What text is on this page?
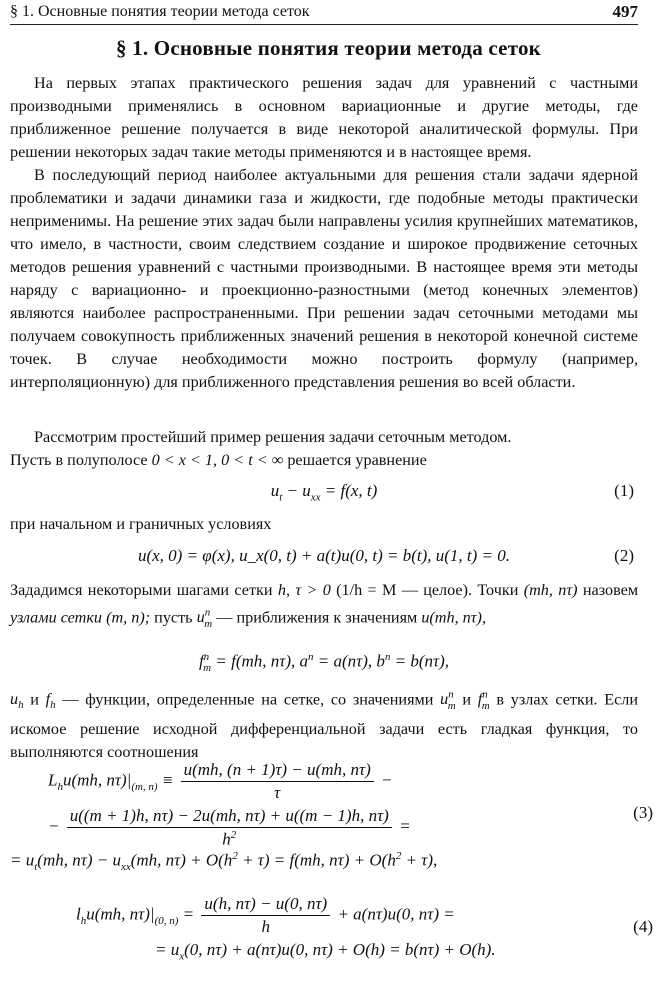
§ 1. Основные понятия теории метода сеток	497
§ 1. Основные понятия теории метода сеток

На первых этапах практического решения задач для уравнений с частными производными применялись в основном вариационные и другие методы, где приближенное решение получается в виде некоторой аналитической формулы. При решении некоторых задач такие методы применяются и в настоящее время.

В последующий период наиболее актуальными для решения стали задачи ядерной проблематики и задачи динамики газа и жидкости, где подобные методы практически неприменимы. На решение этих задач были направлены усилия крупнейших математиков, что имело, в частности, своим следствием создание и широкое продвижение сеточных методов решения уравнений с частными производными. В настоящее время эти методы наряду с вариационно- и проекционно-разностными (метод конечных элементов) являются наиболее распространенными. При решении задач сеточными методами мы получаем совокупность приближенных значений решения в некоторой конечной системе точек. В случае необходимости можно построить формулу (например, интерполяционную) для приближенного представления решения во всей области.

Рассмотрим простейший пример решения задачи сеточным методом.

Пусть в полуполосе 0 < x < 1, 0 < t < ∞ решается уравнение

$u_t - u_{xx} = f(x$, t)	(1)

при начальном и граничных условиях

u(x, 0) = φ(x), u_x(0, t) + a(t)u(0, t) = b(t), u(1, t) = 0.	(2)

Зададимся некоторыми шагами сетки h, τ > 0 (1/h = M — целое). Точки (mh, nτ) назовем узлами сетки (m, n); пусть $u^n_m$ — приближения к значениям u(mh, nτ),

$f^n_m = f(mh$, nτ), $a^n = a(n\tau)$, $b^n = b(n\tau)$,

$u_h$ и $f_h$ — функции, определенные на сетке, со значениями $u^n_m$ и $f^n_m$ в узлах сетки. Если искомое решение исходной дифференциальной задачи есть гладкая функция, то выполняются соотношения

$L_hu(mh$, $n\tau)|_{(m, n)} \equiv \frac{u(mh, (n + 1)\tau) - u(mh, n\tau)}{\tau}$ −
− $\frac{u((m + 1)h, n\tau) - 2u(mh, n\tau) + u((m - 1)h, n\tau)}{h^2}$ =
(3)
= $u_t(mh$, $n\tau) - u_{xx}(mh$, $n\tau) + O(h^2 + \tau) = f(mh$, $n\tau) + O(h^2 + \tau)$,
$l_hu(mh$, $n\tau)|_{(0, n)} = \frac{u(h, n\tau) - u(0, n\tau)}{h} + a(n\tau)u(0$, nτ) =
(4)
= $u_x(0$, nτ) + a(nτ)u(0, nτ) + O(h) = b(nτ) + O(h).
